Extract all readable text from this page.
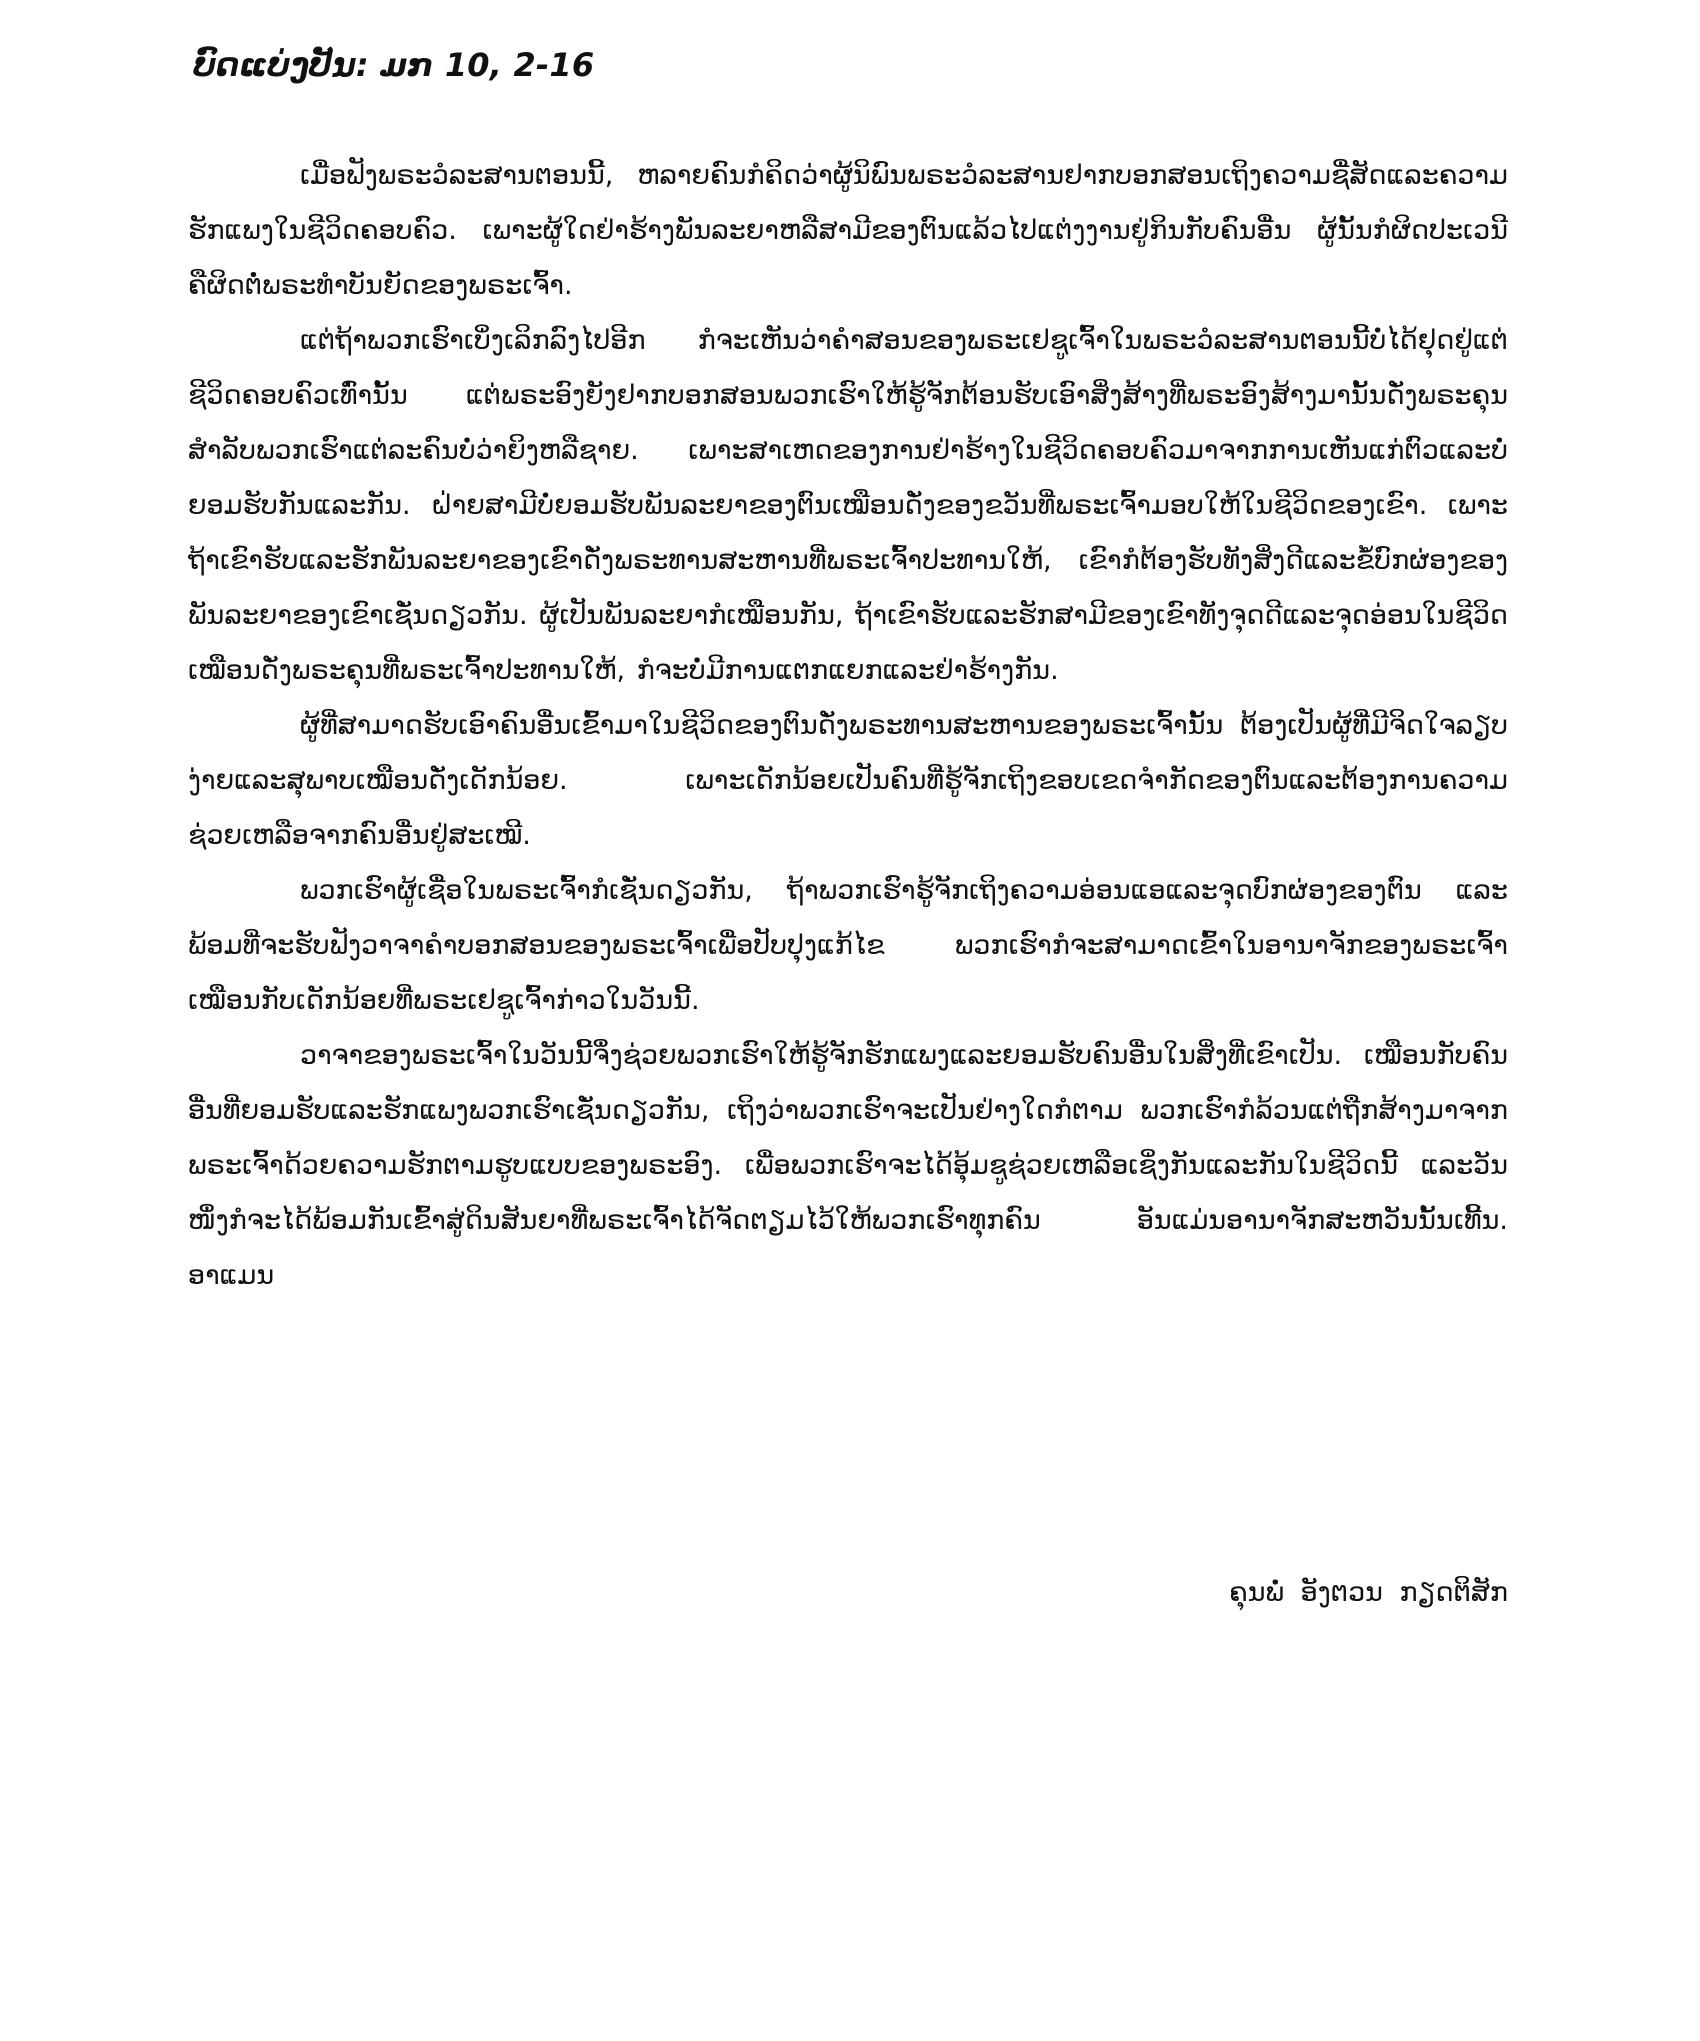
ບົດແບ່ງປັນ: ມກ 10, 2-16

ເມື່ອຟັງພຣະວໍລະສານຕອນນີ້, ຫລາຍຄົນກໍຄິດວ່າຜູ້ນິພົນພຣະວໍລະສານຢາກບອກສອນເຖິງຄວາມຊື່ສັດແລະຄວາມຮັກແພງໃນຊີວິດຄອບຄົວ. ເພາະຜູ້ໃດຢ່າຮ້າງພັນລະຍາຫລືສາມີຂອງຕົນແລ້ວໄປແຕ່ງງານຢູ່ກິນກັບຄົນອື່ນ ຜູ້ນັ້ນກໍຜິດປະເວນີ ຄືຜິດຕໍ່ພຣະທຳບັນຍັດຂອງພຣະເຈົ້າ.

ແຕ່ຖ້າພວກເຮົາເບິ່ງເລິກລົງໄປອີກ ກໍຈະເຫັນວ່າຄຳສອນຂອງພຣະເຢຊູເຈົ້າໃນພຣະວໍລະສານຕອນນີ້ບໍ່ໄດ້ຢຸດຢູ່ແຕ່ຊີວິດຄອບຄົວເທົ່ານັ້ນ ແຕ່ພຣະອົງຍັງຢາກບອກສອນພວກເຮົາໃຫ້ຮູ້ຈັກຕ້ອນຮັບເອົາສິ່ງສ້າງທີ່ພຣະອົງສ້າງມານັ້ນດັ່ງພຣະຄຸນສຳລັບພວກເຮົາແຕ່ລະຄົນບໍ່ວ່າຍິງຫລືຊາຍ. ເພາະສາເຫດຂອງການຢ່າຮ້າງໃນຊີວິດຄອບຄົວມາຈາກການເຫັນແກ່ຕົວແລະບໍ່ຍອມຮັບກັນແລະກັນ. ຝ່າຍສາມີບໍ່ຍອມຮັບພັນລະຍາຂອງຕົນເໝືອນດັ່ງຂອງຂວັນທີ່ພຣະເຈົ້າມອບໃຫ້ໃນຊີວິດຂອງເຂົາ. ເພາະຖ້າເຂົາຮັບແລະຮັກພັນລະຍາຂອງເຂົາດັ່ງພຣະທານສະຫານທີ່ພຣະເຈົ້າປະທານໃຫ້, ເຂົາກໍຕ້ອງຮັບທັງສິ່ງດີແລະຂໍ້ບົກຜ່ອງຂອງພັນລະຍາຂອງເຂົາເຊັ່ນດຽວກັນ. ຜູ້ເປັນພັນລະຍາກໍເໝືອນກັນ, ຖ້າເຂົາຮັບແລະຮັກສາມີຂອງເຂົາທັງຈຸດດີແລະຈຸດອ່ອນໃນຊີວິດເໝືອນດັ່ງພຣະຄຸນທີ່ພຣະເຈົ້າປະທານໃຫ້, ກໍຈະບໍ່ມີການແຕກແຍກແລະຢ່າຮ້າງກັນ.

ຜູ້ທີ່ສາມາດຮັບເອົາຄົນອື່ນເຂົ້າມາໃນຊີວິດຂອງຕົນດັ່ງພຣະທານສະຫານຂອງພຣະເຈົ້ານັ້ນ ຕ້ອງເປັນຜູ້ທີ່ມີຈິດໃຈລຽບງ່າຍແລະສຸພາບເໝືອນດັ່ງເດັກນ້ອຍ. ເພາະເດັກນ້ອຍເປັນຄົນທີ່ຮູ້ຈັກເຖິງຂອບເຂດຈຳກັດຂອງຕົນແລະຕ້ອງການຄວາມຊ່ວຍເຫລືອຈາກຄົນອື່ນຢູ່ສະເໝີ.

ພວກເຮົາຜູ້ເຊື່ອໃນພຣະເຈົ້າກໍເຊັ່ນດຽວກັນ, ຖ້າພວກເຮົາຮູ້ຈັກເຖິງຄວາມອ່ອນແອແລະຈຸດບົກຜ່ອງຂອງຕົນ ແລະພ້ອມທີ່ຈະຮັບຟັງວາຈາຄຳບອກສອນຂອງພຣະເຈົ້າເພື່ອປັບປຸງແກ້ໄຂ ພວກເຮົາກໍຈະສາມາດເຂົ້າໃນອານາຈັກຂອງພຣະເຈົ້າເໝືອນກັບເດັກນ້ອຍທີ່ພຣະເຢຊູເຈົ້າກ່າວໃນວັນນີ້.

ວາຈາຂອງພຣະເຈົ້າໃນວັນນີ້ຈຶ່ງຊ່ວຍພວກເຮົາໃຫ້ຮູ້ຈັກຮັກແພງແລະຍອມຮັບຄົນອື່ນໃນສິ່ງທີ່ເຂົາເປັນ. ເໝືອນກັບຄົນອື່ນທີ່ຍອມຮັບແລະຮັກແພງພວກເຮົາເຊັ່ນດຽວກັນ, ເຖິງວ່າພວກເຮົາຈະເປັນຢ່າງໃດກໍຕາມ ພວກເຮົາກໍລ້ວນແຕ່ຖືກສ້າງມາຈາກພຣະເຈົ້າດ້ວຍຄວາມຮັກຕາມຮູບແບບຂອງພຣະອົງ. ເພື່ອພວກເຮົາຈະໄດ້ອຸ້ມຊູຊ່ວຍເຫລືອເຊິ່ງກັນແລະກັນໃນຊີວິດນີ້ ແລະວັນໜຶ່ງກໍຈະໄດ້ພ້ອມກັນເຂົ້າສູ່ດິນສັນຍາທີ່ພຣະເຈົ້າໄດ້ຈັດຕຽມໄວ້ໃຫ້ພວກເຮົາທຸກຄົນ ອັນແມ່ນອານາຈັກສະຫວັນນັ້ນເທີ້ນ. ອາແມນ

ຄຸນພໍ່ ອັງຕວນ ກຽດຕິສັກ
